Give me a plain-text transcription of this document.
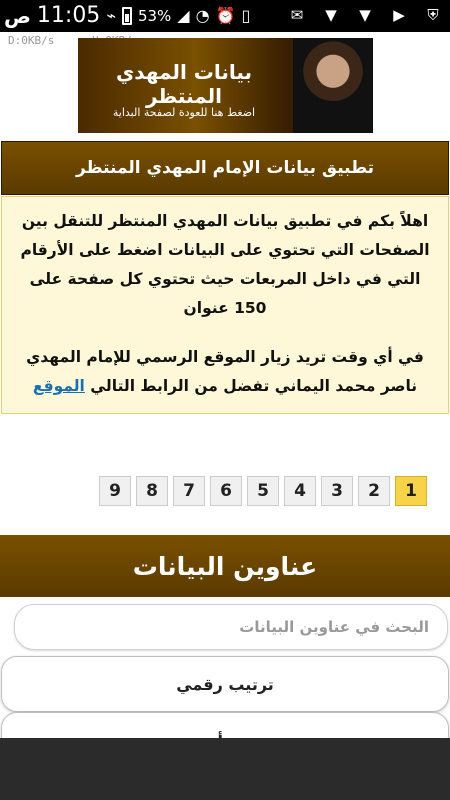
ص 11:05 ⌁ 53% ◢ ◔ ⏰ ▯	✉	▼	▼	▶	⛨
D:0KB/s
بيانات المهدي المنتظر
اضغط هنا للعودة لصفحة البداية
تطبيق بيانات الإمام المهدي المنتظر

اهلاً بكم في تطبيق بيانات المهدي المنتظر للتنقل بين الصفحات التي تحتوي على البيانات اضغط على الأرقام التي في داخل المربعات حيث تحتوي كل صفحة على 150 عنوان

في أي وقت تريد زيار الموقع الرسمي للإمام المهدي ناصر محمد اليماني تفضل من الرابط التالي الموقع

9	8	7	6	5	4	3	2	1
عناوين البيانات
البحث في عناوين البيانات
ترتيب رقمي
